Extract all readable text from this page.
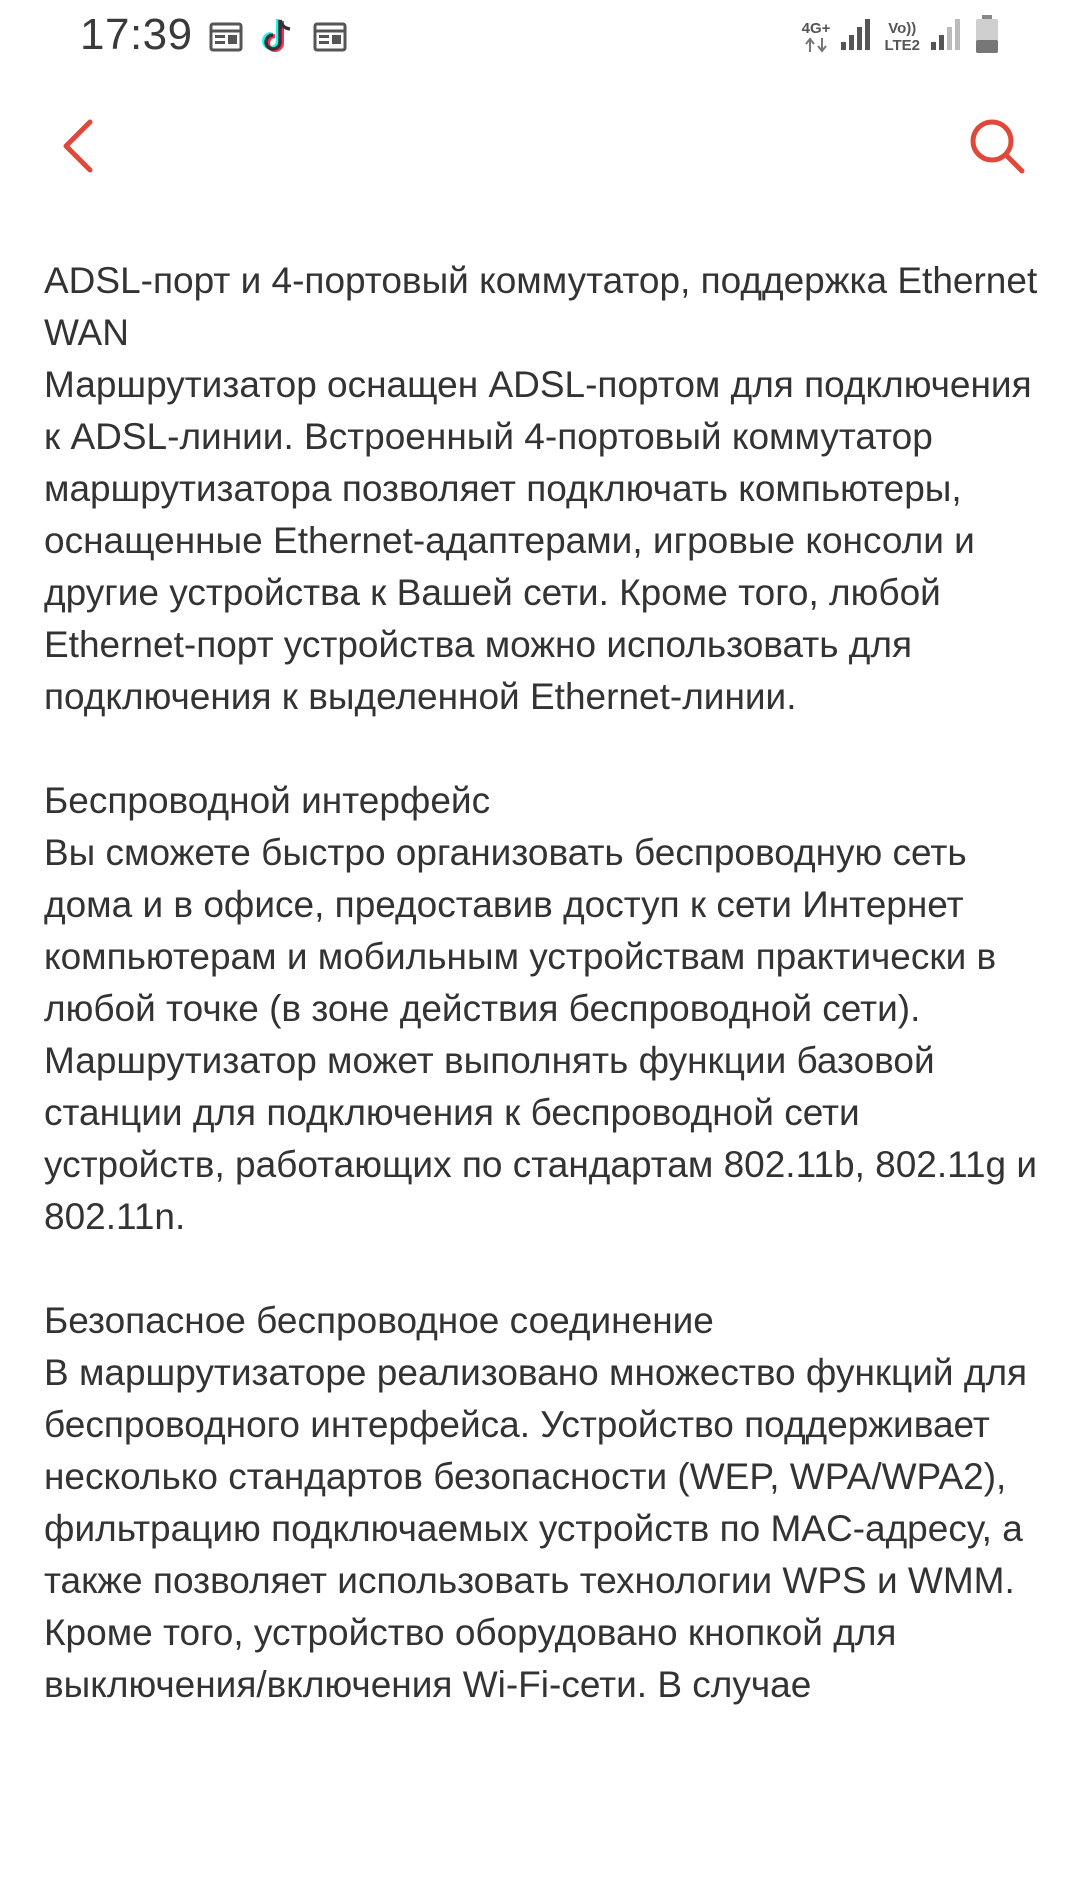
17:39	4G+	Vo))
LTE2

ADSL-порт и 4-портовый коммутатор, поддержка Ethernet WAN

Маршрутизатор оснащен ADSL-портом для подключения к ADSL-линии. Встроенный 4-портовый коммутатор маршрутизатора позволяет подключать компьютеры, оснащенные Ethernet-адаптерами, игровые консоли и другие устройства к Вашей сети. Кроме того, любой Ethernet-порт устройства можно использовать для подключения к выделенной Ethernet-линии.

Беспроводной интерфейс

Вы сможете быстро организовать беспроводную сеть дома и в офисе, предоставив доступ к сети Интернет компьютерам и мобильным устройствам практически в любой точке (в зоне действия беспроводной сети). Маршрутизатор может выполнять функции базовой станции для подключения к беспроводной сети устройств, работающих по стандартам 802.11b, 802.11g и 802.11n.

Безопасное беспроводное соединение

В маршрутизаторе реализовано множество функций для беспроводного интерфейса. Устройство поддерживает несколько стандартов безопасности (WEP, WPA/WPA2), фильтрацию подключаемых устройств по MAC-адресу, а также позволяет использовать технологии WPS и WMM. Кроме того, устройство оборудовано кнопкой для выключения/включения Wi-Fi-сети. В случае
